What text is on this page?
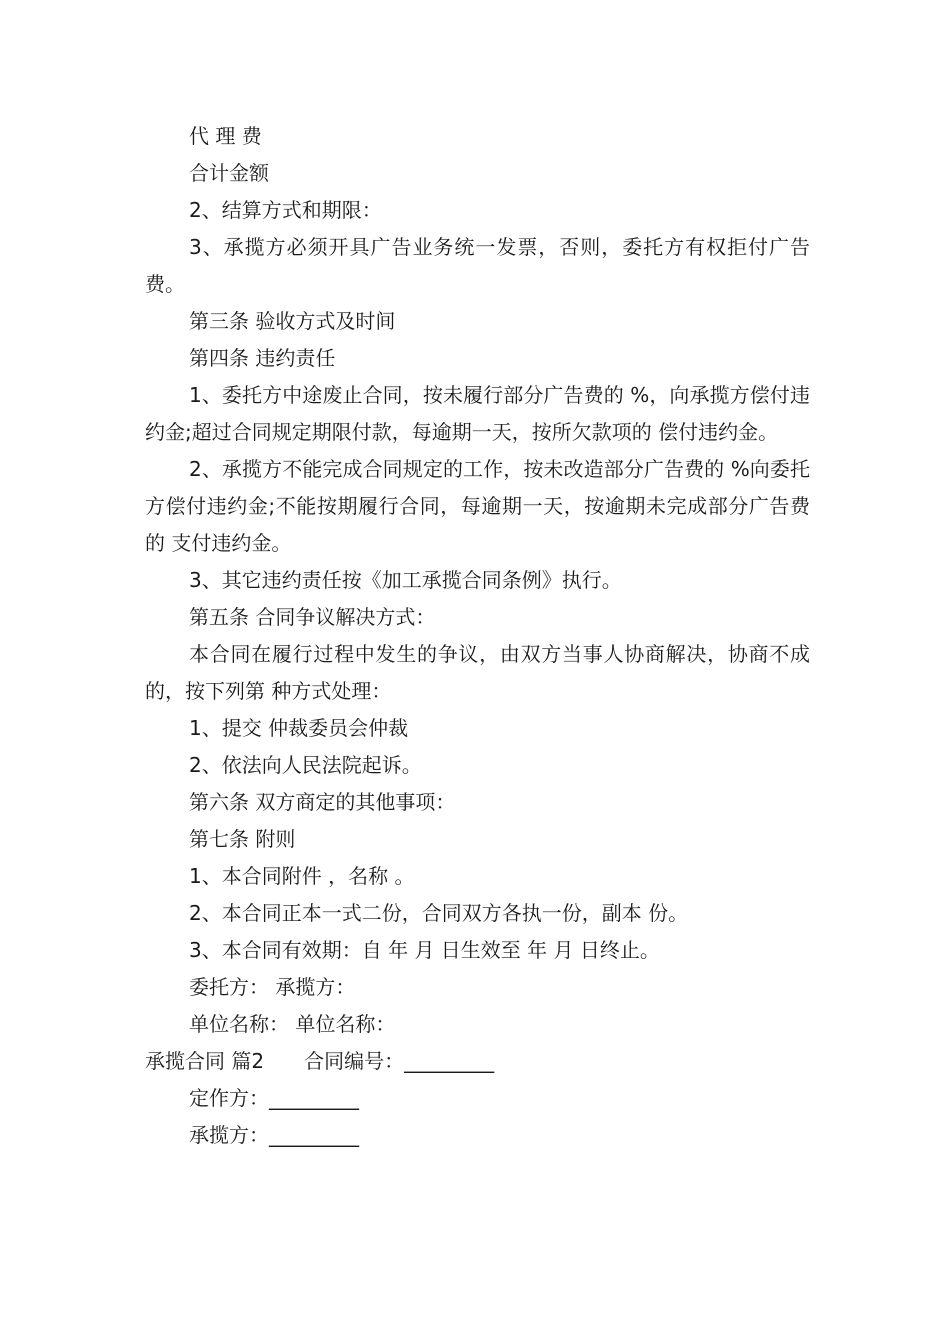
代 理 费

合计金额

2、结算方式和期限：

3、承揽方必须开具广告业务统一发票，否则，委托方有权拒付广告费。

第三条 验收方式及时间

第四条 违约责任

1、委托方中途废止合同，按未履行部分广告费的 %，向承揽方偿付违约金;超过合同规定期限付款，每逾期一天，按所欠款项的 偿付违约金。

2、承揽方不能完成合同规定的工作，按未改造部分广告费的 %向委托方偿付违约金;不能按期履行合同，每逾期一天，按逾期未完成部分广告费的 支付违约金。

3、其它违约责任按《加工承揽合同条例》执行。

第五条 合同争议解决方式：

本合同在履行过程中发生的争议，由双方当事人协商解决，协商不成的，按下列第 种方式处理：

1、提交 仲裁委员会仲裁

2、依法向人民法院起诉。

第六条 双方商定的其他事项：

第七条 附则

1、本合同附件 ，名称 。

2、本合同正本一式二份，合同双方各执一份，副本 份。

3、本合同有效期：自 年 月 日生效至 年 月 日终止。

委托方： 承揽方：

单位名称： 单位名称：

承揽合同 篇2　　合同编号：_________

定作方：_________

承揽方：_________
